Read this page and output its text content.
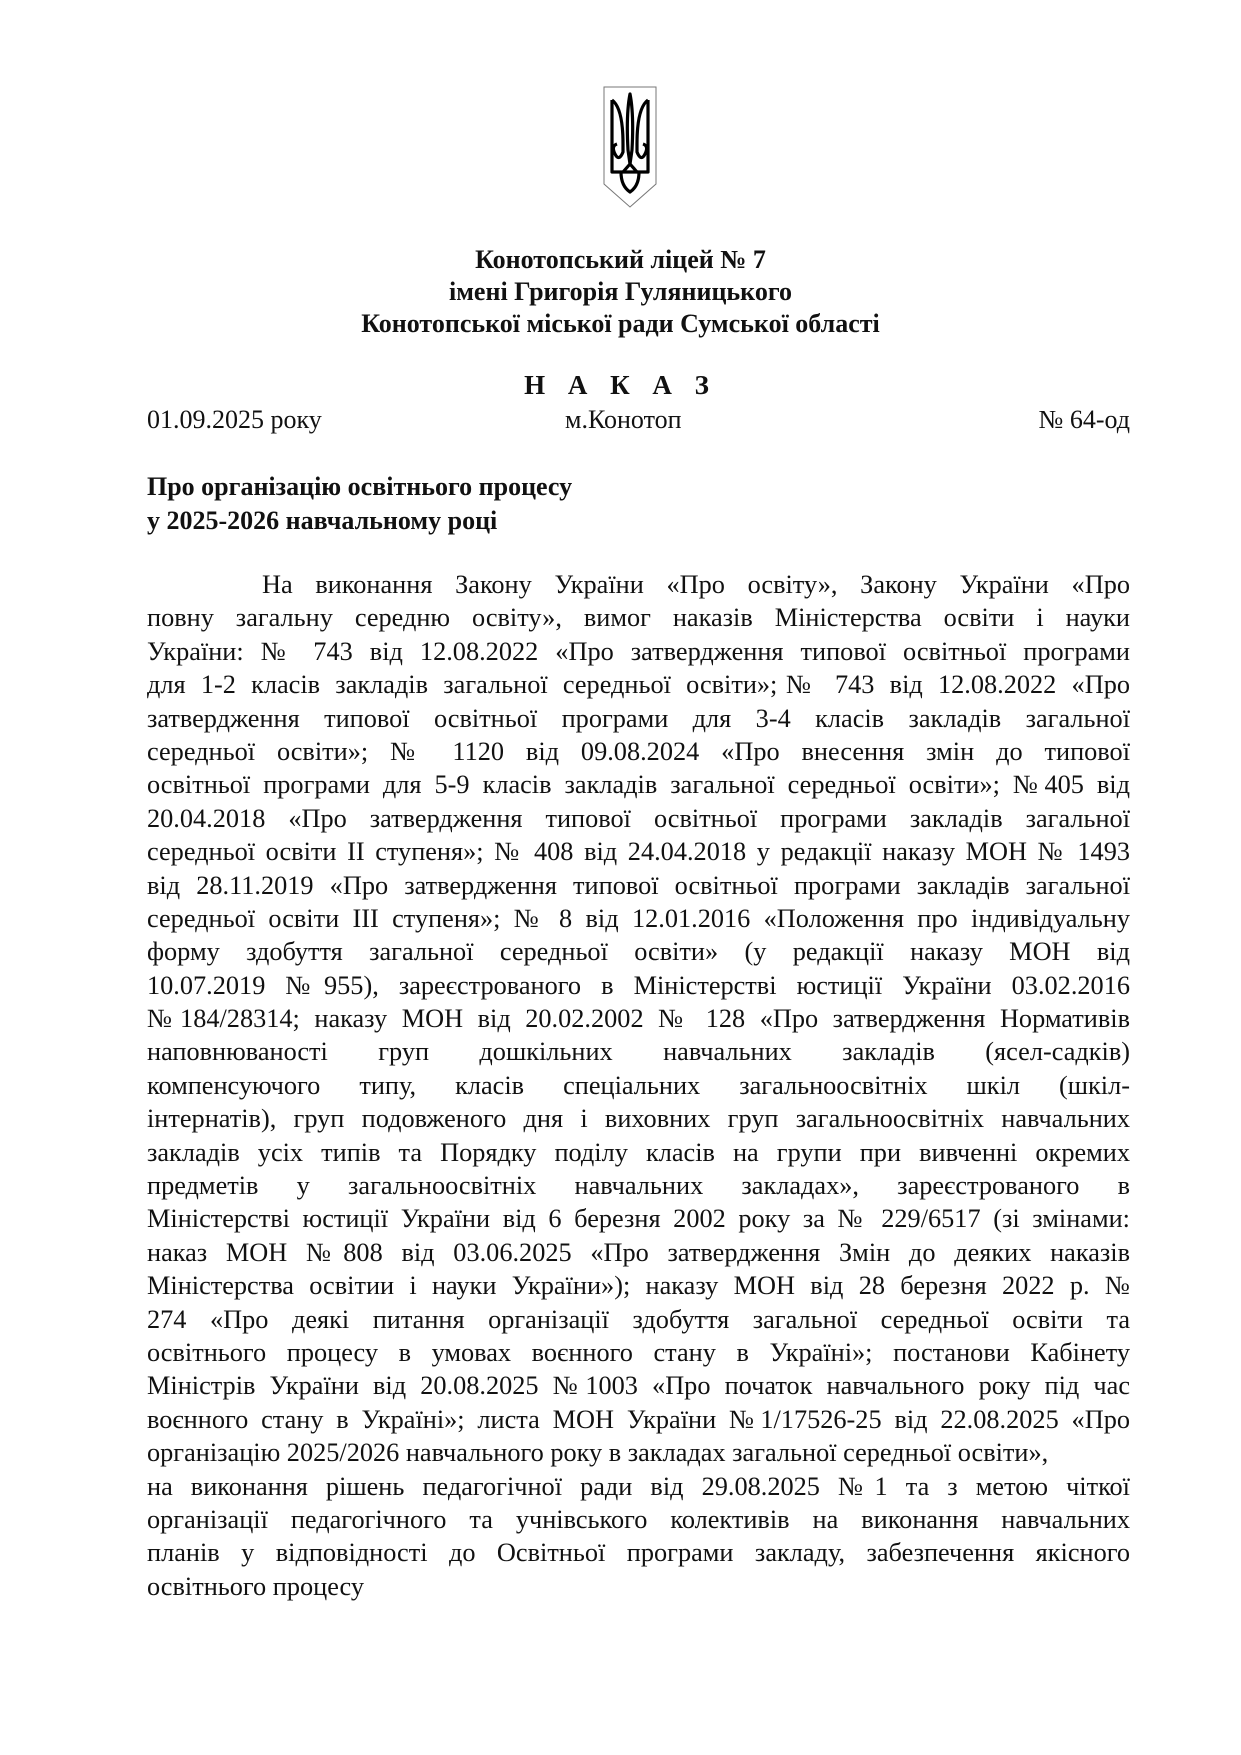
Конотопський ліцей № 7
імені Григорія Гуляницького
Конотопської міської ради Сумської області
Н А К А З
01.09.2025 року	м.Конотоп	№ 64-од
Про організацію освітнього процесу
у 2025-2026 навчальному році
На виконання Закону України «Про освіту», Закону України «Про
повну загальну середню освіту», вимог наказів Міністерства освіти і науки
України: № 743 від 12.08.2022 «Про затвердження типової освітньої програми
для 1-2 класів закладів загальної середньої освіти»;№ 743 від 12.08.2022 «Про
затвердження типової освітньої програми для 3-4 класів закладів загальної
середньої освіти»; № 1120 від 09.08.2024 «Про внесення змін до типової
освітньої програми для 5-9 класів закладів загальної середньої освіти»; №405 від
20.04.2018 «Про затвердження типової освітньої програми закладів загальної
середньої освіти ІІ ступеня»; № 408 від 24.04.2018 у редакції наказу МОН № 1493
від 28.11.2019 «Про затвердження типової освітньої програми закладів загальної
середньої освіти ІІІ ступеня»; № 8 від 12.01.2016 «Положення про індивідуальну
форму здобуття загальної середньої освіти» (у редакції наказу МОН від
10.07.2019 №955), зареєстрованого в Міністерстві юстиції України 03.02.2016
№184/28314; наказу МОН від 20.02.2002 № 128 «Про затвердження Нормативів
наповнюваності груп дошкільних навчальних закладів (ясел-садків)
компенсуючого типу, класів спеціальних загальноосвітніх шкіл (шкіл-
інтернатів), груп подовженого дня і виховних груп загальноосвітніх навчальних
закладів усіх типів та Порядку поділу класів на групи при вивченні окремих
предметів у загальноосвітніх навчальних закладах», зареєстрованого в
Міністерстві юстиції України від 6 березня 2002 року за № 229/6517 (зі змінами:
наказ МОН №808 від 03.06.2025 «Про затвердження Змін до деяких наказів
Міністерства освітии і науки України»); наказу МОН від 28 березня 2022 р. №
274 «Про деякі питання організації здобуття загальної середньої освіти та
освітнього процесу в умовах воєнного стану в Україні»; постанови Кабінету
Міністрів України від 20.08.2025 №1003 «Про початок навчального року під час
воєнного стану в Україні»; листа МОН України №1/17526-25 від 22.08.2025 «Про
організацію 2025/2026 навчального року в закладах загальної середньої освіти»,
на виконання рішень педагогічної ради від 29.08.2025 №1 та з метою чіткої
організації педагогічного та учнівського колективів на виконання навчальних
планів у відповідності до Освітньої програми закладу, забезпечення якісного
освітнього процесу
